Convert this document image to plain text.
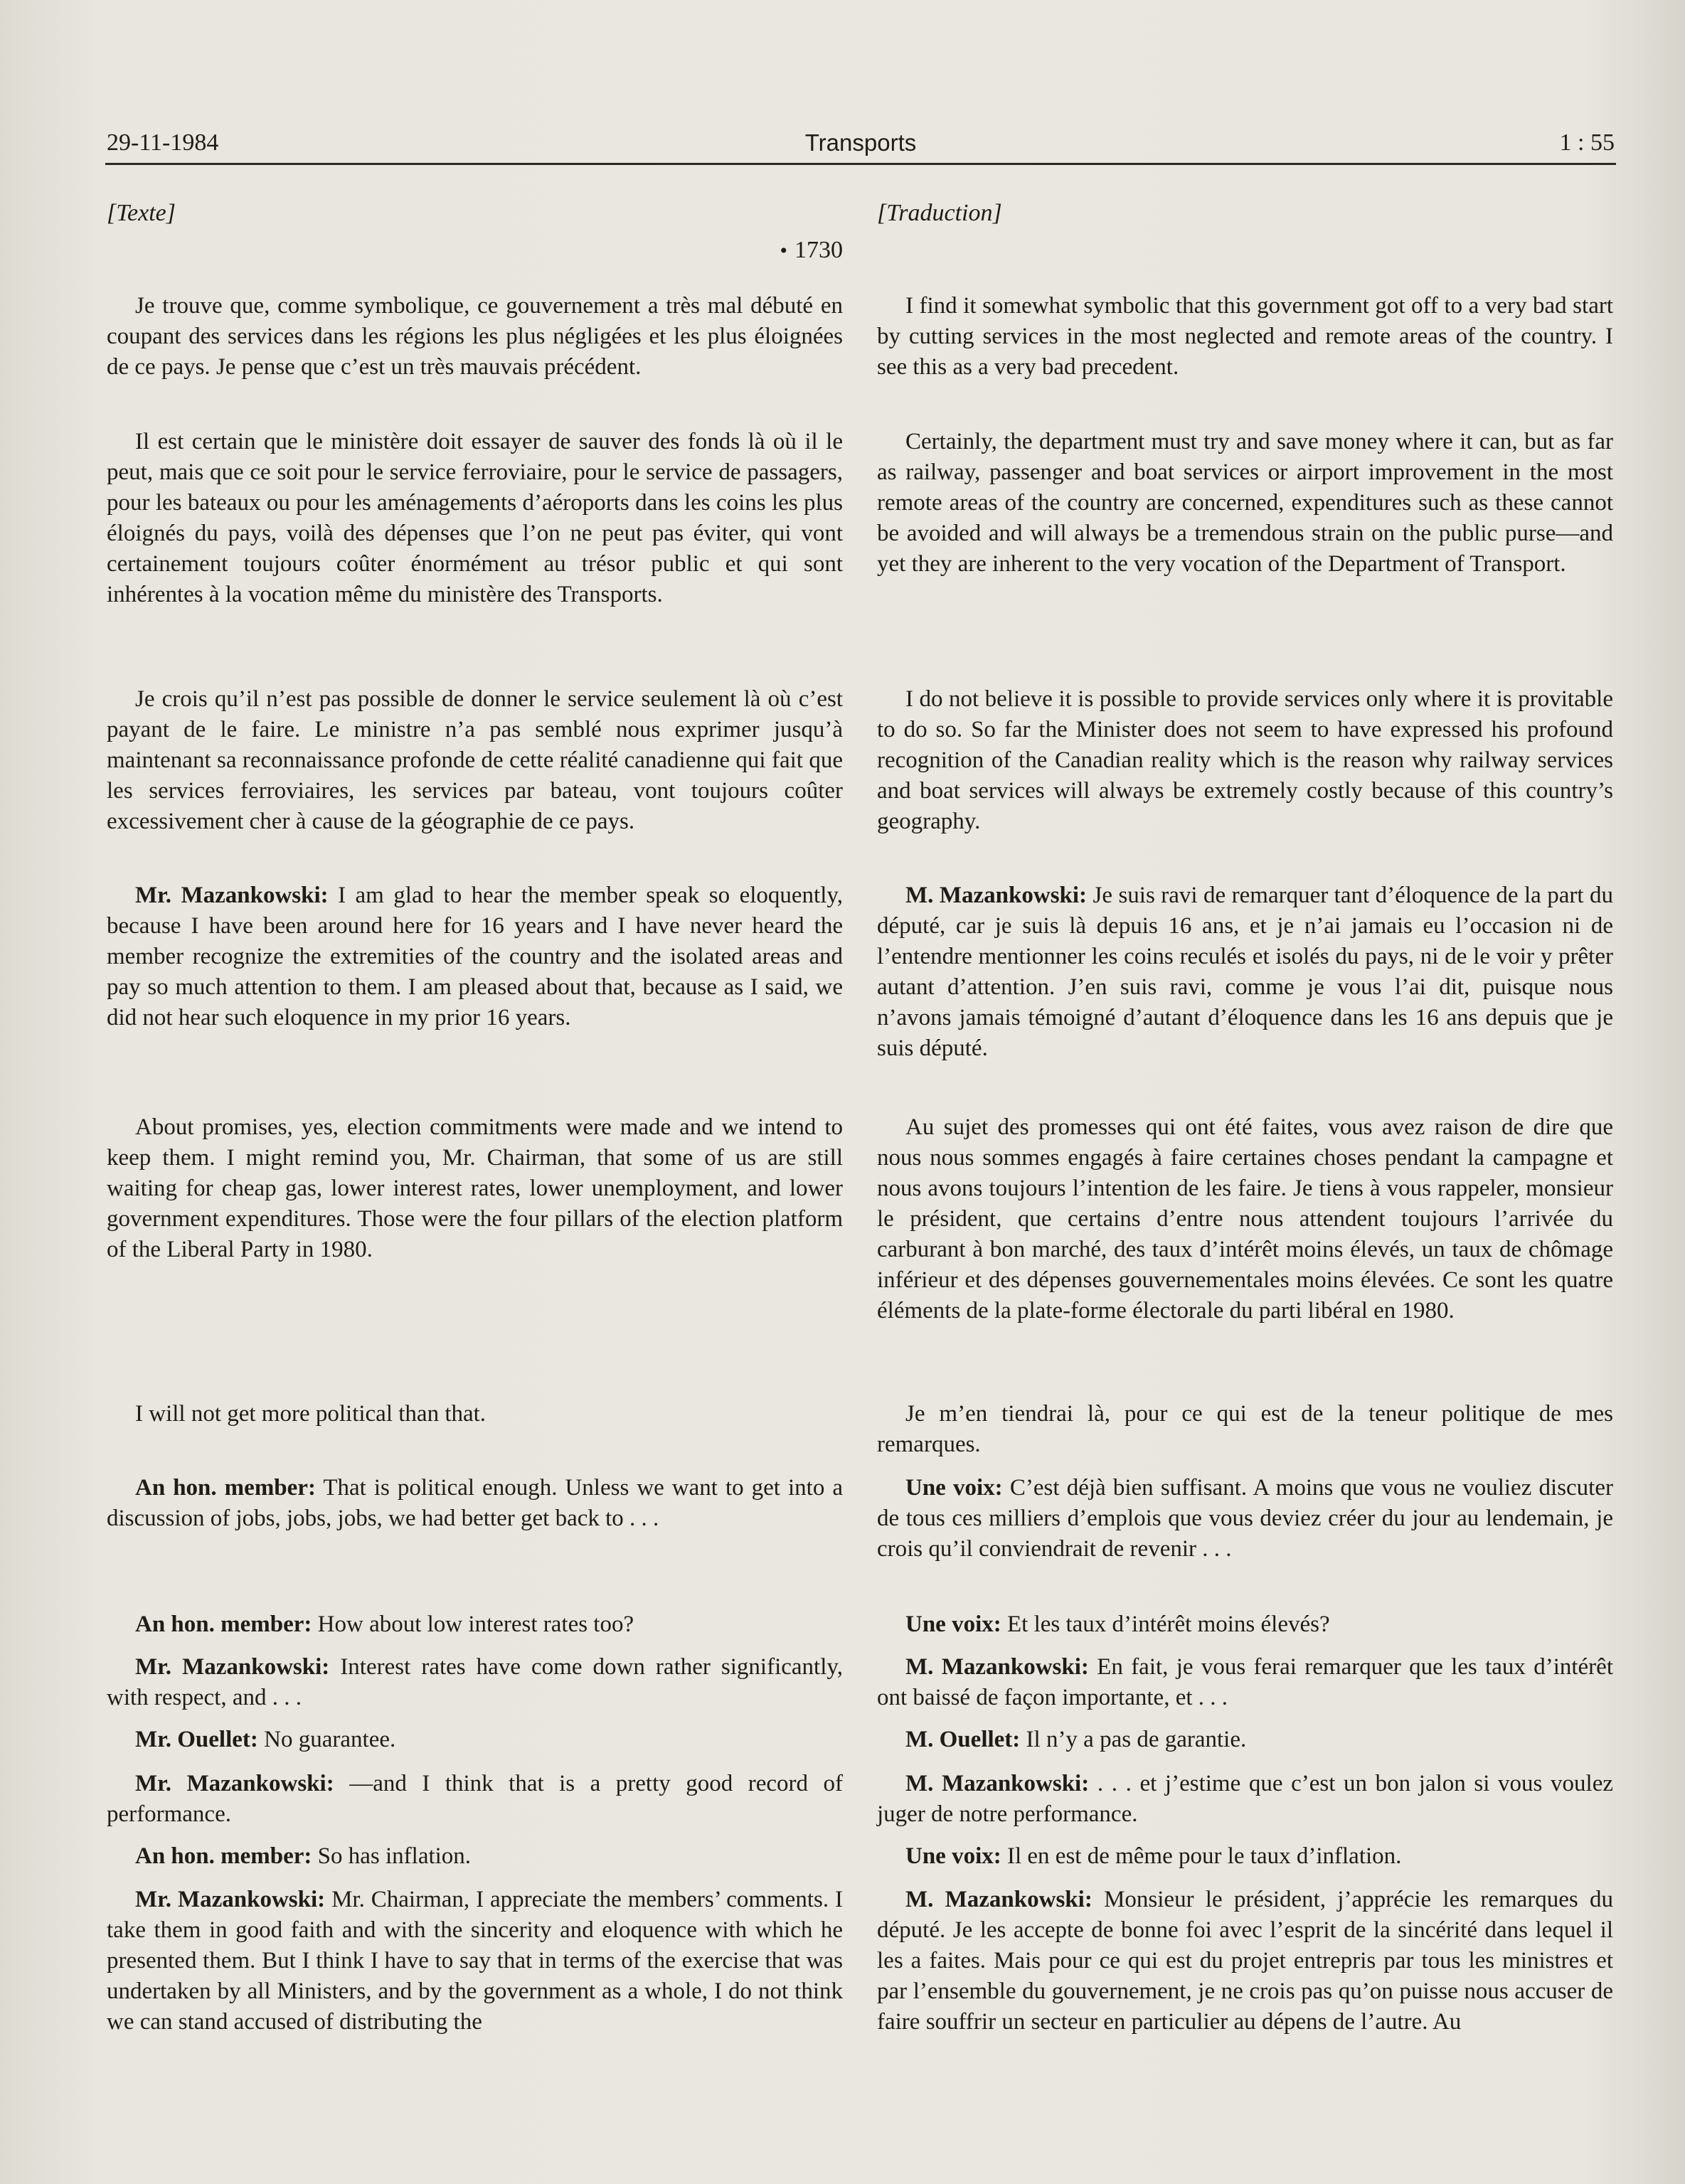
29-11-1984	Transports	1 : 55
[Texte]
• 1730

Je trouve que, comme symbolique, ce gouvernement a très mal débuté en coupant des services dans les régions les plus négligées et les plus éloignées de ce pays. Je pense que c’est un très mauvais précédent.

Il est certain que le ministère doit essayer de sauver des fonds là où il le peut, mais que ce soit pour le service ferroviaire, pour le service de passagers, pour les bateaux ou pour les aménagements d’aéroports dans les coins les plus éloignés du pays, voilà des dépenses que l’on ne peut pas éviter, qui vont certainement toujours coûter énormément au trésor public et qui sont inhérentes à la vocation même du ministère des Transports.

Je crois qu’il n’est pas possible de donner le service seulement là où c’est payant de le faire. Le ministre n’a pas semblé nous exprimer jusqu’à maintenant sa reconnaissance profonde de cette réalité canadienne qui fait que les services ferroviaires, les services par bateau, vont toujours coûter excessivement cher à cause de la géographie de ce pays.

Mr. Mazankowski: I am glad to hear the member speak so eloquently, because I have been around here for 16 years and I have never heard the member recognize the extremities of the country and the isolated areas and pay so much attention to them. I am pleased about that, because as I said, we did not hear such eloquence in my prior 16 years.

About promises, yes, election commitments were made and we intend to keep them. I might remind you, Mr. Chairman, that some of us are still waiting for cheap gas, lower interest rates, lower unemployment, and lower government expenditures. Those were the four pillars of the election platform of the Liberal Party in 1980.

I will not get more political than that.

An hon. member: That is political enough. Unless we want to get into a discussion of jobs, jobs, jobs, we had better get back to . . .

An hon. member: How about low interest rates too?

Mr. Mazankowski: Interest rates have come down rather significantly, with respect, and . . .

Mr. Ouellet: No guarantee.

Mr. Mazankowski: —and I think that is a pretty good record of performance.

An hon. member: So has inflation.

Mr. Mazankowski: Mr. Chairman, I appreciate the members’ comments. I take them in good faith and with the sincerity and eloquence with which he presented them. But I think I have to say that in terms of the exercise that was undertaken by all Ministers, and by the government as a whole, I do not think we can stand accused of distributing the

[Traduction]

I find it somewhat symbolic that this government got off to a very bad start by cutting services in the most neglected and remote areas of the country. I see this as a very bad precedent.

Certainly, the department must try and save money where it can, but as far as railway, passenger and boat services or airport improvement in the most remote areas of the country are concerned, expenditures such as these cannot be avoided and will always be a tremendous strain on the public purse—and yet they are inherent to the very vocation of the Department of Transport.

I do not believe it is possible to provide services only where it is provitable to do so. So far the Minister does not seem to have expressed his profound recognition of the Canadian reality which is the reason why railway services and boat services will always be extremely costly because of this country’s geography.

M. Mazankowski: Je suis ravi de remarquer tant d’éloquence de la part du député, car je suis là depuis 16 ans, et je n’ai jamais eu l’occasion ni de l’entendre mentionner les coins reculés et isolés du pays, ni de le voir y prêter autant d’attention. J’en suis ravi, comme je vous l’ai dit, puisque nous n’avons jamais témoigné d’autant d’éloquence dans les 16 ans depuis que je suis député.

Au sujet des promesses qui ont été faites, vous avez raison de dire que nous nous sommes engagés à faire certaines choses pendant la campagne et nous avons toujours l’intention de les faire. Je tiens à vous rappeler, monsieur le président, que certains d’entre nous attendent toujours l’arrivée du carburant à bon marché, des taux d’intérêt moins élevés, un taux de chômage inférieur et des dépenses gouvernementales moins élevées. Ce sont les quatre éléments de la plate-forme électorale du parti libéral en 1980.

Je m’en tiendrai là, pour ce qui est de la teneur politique de mes remarques.

Une voix: C’est déjà bien suffisant. A moins que vous ne vouliez discuter de tous ces milliers d’emplois que vous deviez créer du jour au lendemain, je crois qu’il conviendrait de revenir . . .

Une voix: Et les taux d’intérêt moins élevés?

M. Mazankowski: En fait, je vous ferai remarquer que les taux d’intérêt ont baissé de façon importante, et . . .

M. Ouellet: Il n’y a pas de garantie.

M. Mazankowski: . . . et j’estime que c’est un bon jalon si vous voulez juger de notre performance.

Une voix: Il en est de même pour le taux d’inflation.

M. Mazankowski: Monsieur le président, j’apprécie les remarques du député. Je les accepte de bonne foi avec l’esprit de la sincérité dans lequel il les a faites. Mais pour ce qui est du projet entrepris par tous les ministres et par l’ensemble du gouvernement, je ne crois pas qu’on puisse nous accuser de faire souffrir un secteur en particulier au dépens de l’autre. Au
